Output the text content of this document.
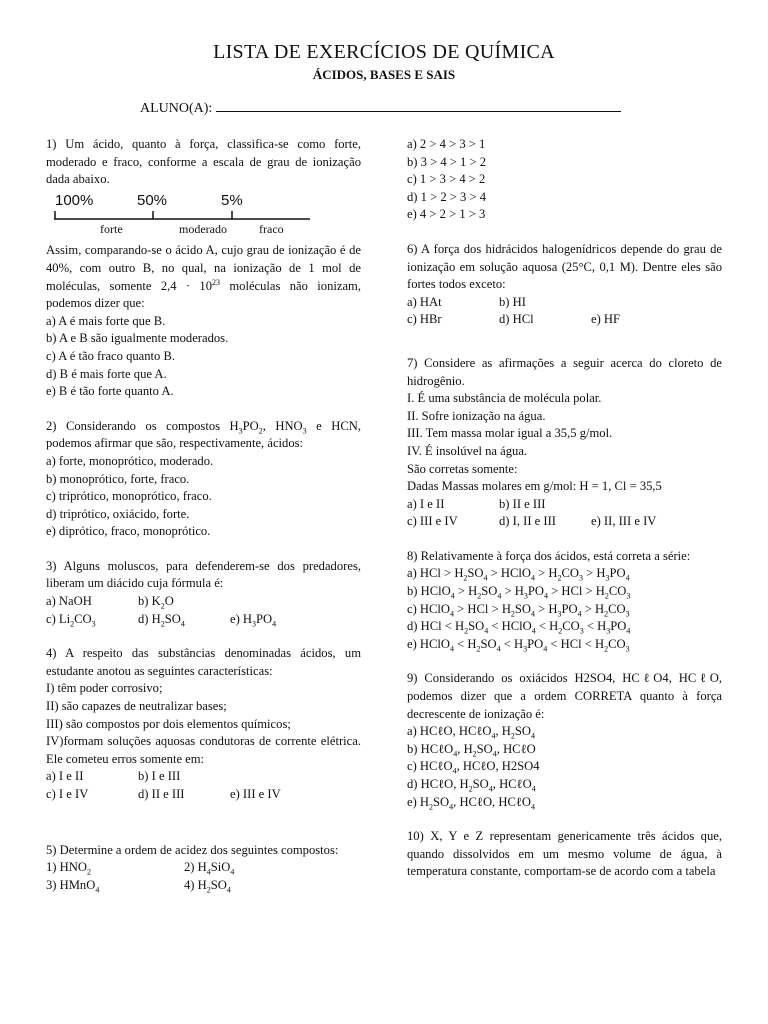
LISTA DE EXERCÍCIOS DE QUÍMICA
ÁCIDOS, BASES E SAIS
ALUNO(A):

1) Um ácido, quanto à força, classifica-se como forte, moderado e fraco, conforme a escala de grau de ionização dada abaixo.

100%	50%	5%
forte	moderado	fraco

Assim, comparando-se o ácido A, cujo grau de ionização é de 40%, com outro B, no qual, na ionização de 1 mol de moléculas, somente $2,4 \cdot 10^{23}$ moléculas não ionizam, podemos dizer que:

a) A é mais forte que B.

b) A e B são igualmente moderados.

c) A é tão fraco quanto B.

d) B é mais forte que A.

e) B é tão forte quanto A.

2) Considerando os compostos $H_3PO_2$, $HNO_3$ e HCN, podemos afirmar que são, respectivamente, ácidos:

a) forte, monoprótico, moderado.

b) monoprótico, forte, fraco.

c) triprótico, monoprótico, fraco.

d) triprótico, oxiácido, forte.

e) diprótico, fraco, monoprótico.

3) Alguns moluscos, para defenderem-se dos predadores, liberam um diácido cuja fórmula é:

a) NaOH	b) $K_2O$
c) $Li_2CO_3$	d) $H_2SO_4$	e) $H_3PO_4$

4) A respeito das substâncias denominadas ácidos, um estudante anotou as seguintes características:

I) têm poder corrosivo;

II) são capazes de neutralizar bases;

III) são compostos por dois elementos químicos;

IV)formam soluções aquosas condutoras de corrente elétrica. Ele cometeu erros somente em:

a) I e II	b) I e III
c) I e IV	d) II e III	e) III e IV

5) Determine a ordem de acidez dos seguintes compostos:

1) $HNO_2$	2) $H_4SiO_4$
3) HMnO$_4$	4) $H_2SO_4$

a) 2 > 4 > 3 > 1

b) 3 > 4 > 1 > 2

c) 1 > 3 > 4 > 2

d) 1 > 2 > 3 > 4

e) 4 > 2 > 1 > 3

6) A força dos hidrácidos halogenídricos depende do grau de ionização em solução aquosa (25°C, 0,1 M). Dentre eles são fortes todos exceto:

a) HAt	b) HI
c) HBr	d) HCl	e) HF

7) Considere as afirmações a seguir acerca do cloreto de hidrogênio.

I. É uma substância de molécula polar.

II. Sofre ionização na água.

III. Tem massa molar igual a 35,5 g/mol.

IV. É insolúvel na água.

São corretas somente:

Dadas Massas molares em g/mol: H = 1, Cl = 35,5

a) I e II	b) II e III
c) III e IV	d) I, II e III	e) II, III e IV

8) Relativamente à força dos ácidos, está correta a série:

a) HCl > $H_2SO_4$ > HClO$_4$ > $H_2CO_3 > H_3PO_4$

b) HClO$_4$ > $H_2SO_4 > H_3PO_4$ > HCl > $H_2CO_3$

c) HClO$_4$ > HCl > $H_2SO_4 > H_3PO_4 > H_2CO_3$

d) HCl < $H_2SO_4$ < HClO$_4$ < $H_2CO_3 < H_3PO_4$

e) HClO$_4$ < $H_2SO_4 < H_3PO_4$ < HCl < $H_2CO_3$

9) Considerando os oxiácidos H2SO4, HCℓO4, HCℓO, podemos dizer que a ordem CORRETA quanto à força decrescente de ionização é:

a) HCℓO, HCℓO$_4$, $H_2SO_4$

b) HCℓO$_4$, $H_2SO_4$, HCℓO

c) HCℓO$_4$, HCℓO, H2SO4

d) HCℓO, $H_2SO_4$, HCℓO$_4$

e) $H_2SO_4$, HCℓO, HCℓO$_4$

10) X, Y e Z representam genericamente três ácidos que, quando dissolvidos em um mesmo volume de água, à temperatura constante, comportam-se de acordo com a tabela
